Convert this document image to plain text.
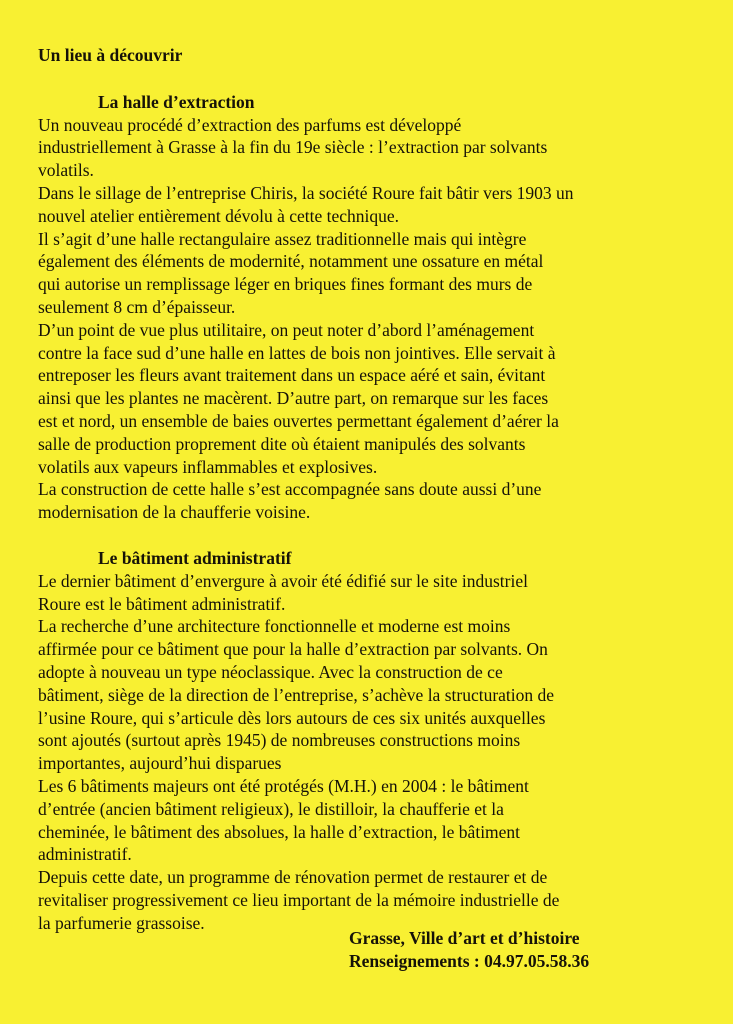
Un lieu à découvrir

La halle d’extraction

Un nouveau procédé d’extraction des parfums est développé
industriellement à Grasse à la fin du 19e siècle : l’extraction par solvants
volatils.

Dans le sillage de l’entreprise Chiris, la société Roure fait bâtir vers 1903 un
nouvel atelier entièrement dévolu à cette technique.

Il s’agit d’une halle rectangulaire assez traditionnelle mais qui intègre
également des éléments de modernité, notamment une ossature en métal
qui autorise un remplissage léger en briques fines formant des murs de
seulement 8 cm d’épaisseur.

D’un point de vue plus utilitaire, on peut noter d’abord l’aménagement
contre la face sud d’une halle en lattes de bois non jointives. Elle servait à
entreposer les fleurs avant traitement dans un espace aéré et sain, évitant
ainsi que les plantes ne macèrent. D’autre part, on remarque sur les faces
est et nord, un ensemble de baies ouvertes permettant également d’aérer la
salle de production proprement dite où étaient manipulés des solvants
volatils aux vapeurs inflammables et explosives.

La construction de cette halle s’est accompagnée sans doute aussi d’une
modernisation de la chaufferie voisine.

Le bâtiment administratif

Le dernier bâtiment d’envergure à avoir été édifié sur le site industriel
Roure est le bâtiment administratif.

La recherche d’une architecture fonctionnelle et moderne est moins
affirmée pour ce bâtiment que pour la halle d’extraction par solvants. On
adopte à nouveau un type néoclassique. Avec la construction de ce
bâtiment, siège de la direction de l’entreprise, s’achève la structuration de
l’usine Roure, qui s’articule dès lors autours de ces six unités auxquelles
sont ajoutés (surtout après 1945) de nombreuses constructions moins
importantes, aujourd’hui disparues

Les 6 bâtiments majeurs ont été protégés (M.H.) en 2004 : le bâtiment
d’entrée (ancien bâtiment religieux), le distilloir, la chaufferie et la
cheminée, le bâtiment des absolues, la halle d’extraction, le bâtiment
administratif.

Depuis cette date, un programme de rénovation permet de restaurer et de
revitaliser progressivement ce lieu important de la mémoire industrielle de
la parfumerie grassoise.

Grasse, Ville d’art et d’histoire
Renseignements : 04.97.05.58.36
